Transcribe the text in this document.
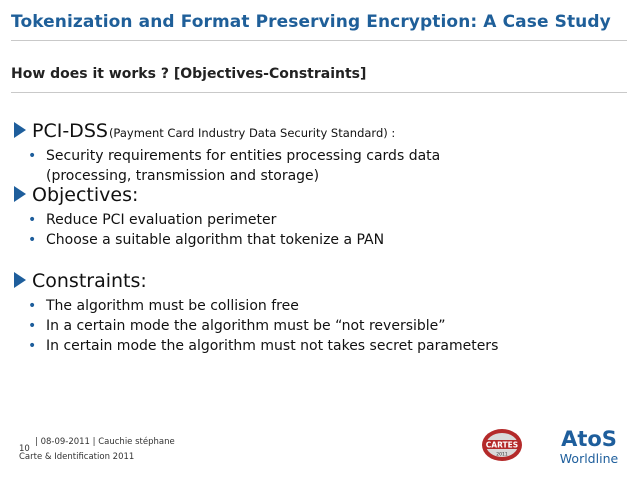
Tokenization and Format Preserving Encryption: A Case Study
How does it works ? [Objectives-Constraints]
PCI-DSS (Payment Card Industry Data Security Standard) :
• Security requirements for entities processing cards data
(processing, transmission and storage)
Objectives:
• Reduce PCI evaluation perimeter
• Choose a suitable algorithm that tokenize a PAN
Constraints:
• The algorithm must be collision free
• In a certain mode the algorithm must be “not reversible”
• In certain mode the algorithm must not takes secret parameters
| 08-09-2011 | Cauchie stéphane
10
Carte & Identification 2011
CARTES
2011
AtoS
Worldline
